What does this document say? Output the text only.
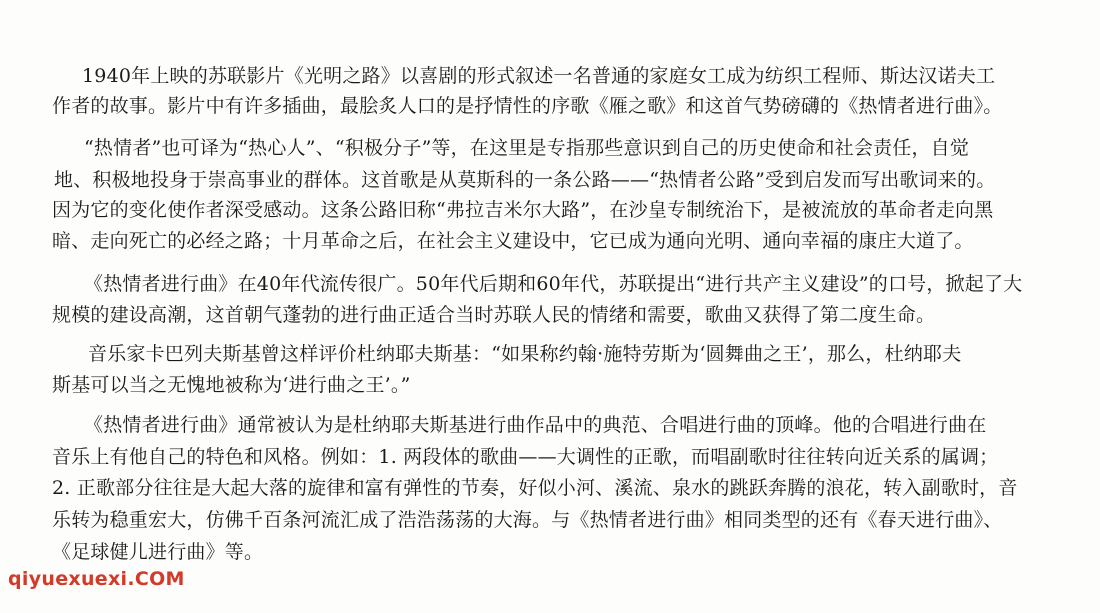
1940年上映的苏联影片《光明之路》以喜剧的形式叙述一名普通的家庭女工成为纺织工程师、斯达汉诺夫工
作者的故事。影片中有许多插曲，最脍炙人口的是抒情性的序歌《雁之歌》和这首气势磅礴的《热情者进行曲》。
“热情者”也可译为“热心人”、“积极分子”等，在这里是专指那些意识到自己的历史使命和社会责任，自觉
地、积极地投身于崇高事业的群体。这首歌是从莫斯科的一条公路——“热情者公路”受到启发而写出歌词来的。
因为它的变化使作者深受感动。这条公路旧称“弗拉吉米尔大路”，在沙皇专制统治下，是被流放的革命者走向黑
暗、走向死亡的必经之路；十月革命之后，在社会主义建设中，它已成为通向光明、通向幸福的康庄大道了。
《热情者进行曲》在40年代流传很广。50年代后期和60年代，苏联提出“进行共产主义建设”的口号，掀起了大
规模的建设高潮，这首朝气蓬勃的进行曲正适合当时苏联人民的情绪和需要，歌曲又获得了第二度生命。
音乐家卡巴列夫斯基曾这样评价杜纳耶夫斯基：“如果称约翰·施特劳斯为‘圆舞曲之王’，那么，杜纳耶夫
斯基可以当之无愧地被称为‘进行曲之王’。”
《热情者进行曲》通常被认为是杜纳耶夫斯基进行曲作品中的典范、合唱进行曲的顶峰。他的合唱进行曲在
音乐上有他自己的特色和风格。例如：1. 两段体的歌曲——大调性的正歌，而唱副歌时往往转向近关系的属调；
2. 正歌部分往往是大起大落的旋律和富有弹性的节奏，好似小河、溪流、泉水的跳跃奔腾的浪花，转入副歌时，音
乐转为稳重宏大，仿佛千百条河流汇成了浩浩荡荡的大海。与《热情者进行曲》相同类型的还有《春天进行曲》、
《足球健儿进行曲》等。
qiyuexuexi.COM
